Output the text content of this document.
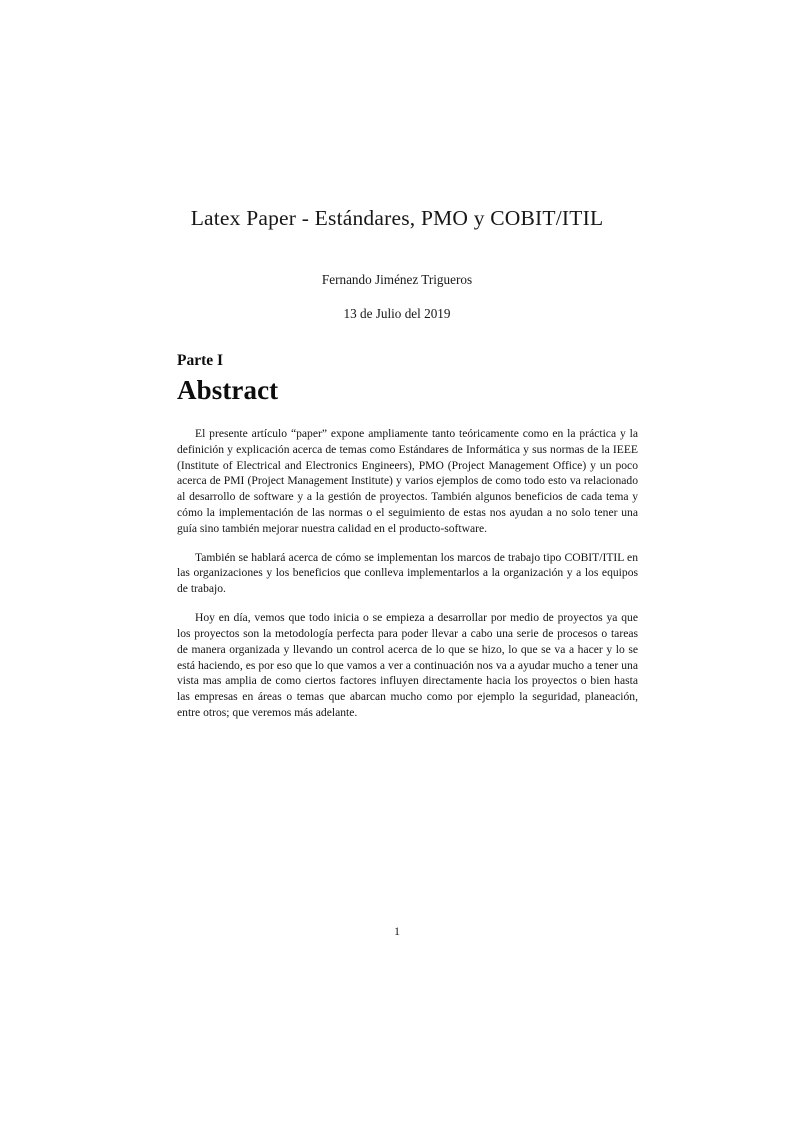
Latex Paper - Estándares, PMO y COBIT/ITIL

Fernando Jiménez Trigueros

13 de Julio del 2019

Parte I
Abstract

El presente artículo “paper” expone ampliamente tanto teóricamente como en la práctica y la definición y explicación acerca de temas como Estándares de Informática y sus normas de la IEEE (Institute of Electrical and Electronics Engineers), PMO (Project Management Office) y un poco acerca de PMI (Project Management Institute) y varios ejemplos de como todo esto va relacionado al desarrollo de software y a la gestión de proyectos. También algunos beneficios de cada tema y cómo la implementación de las normas o el seguimiento de estas nos ayudan a no solo tener una guía sino también mejorar nuestra calidad en el producto-software.

También se hablará acerca de cómo se implementan los marcos de trabajo tipo COBIT/ITIL en las organizaciones y los beneficios que conlleva implementarlos a la organización y a los equipos de trabajo.

Hoy en día, vemos que todo inicia o se empieza a desarrollar por medio de proyectos ya que los proyectos son la metodología perfecta para poder llevar a cabo una serie de procesos o tareas de manera organizada y llevando un control acerca de lo que se hizo, lo que se va a hacer y lo se está haciendo, es por eso que lo que vamos a ver a continuación nos va a ayudar mucho a tener una vista mas amplia de como ciertos factores influyen directamente hacia los proyectos o bien hasta las empresas en áreas o temas que abarcan mucho como por ejemplo la seguridad, planeación, entre otros; que veremos más adelante.

1
